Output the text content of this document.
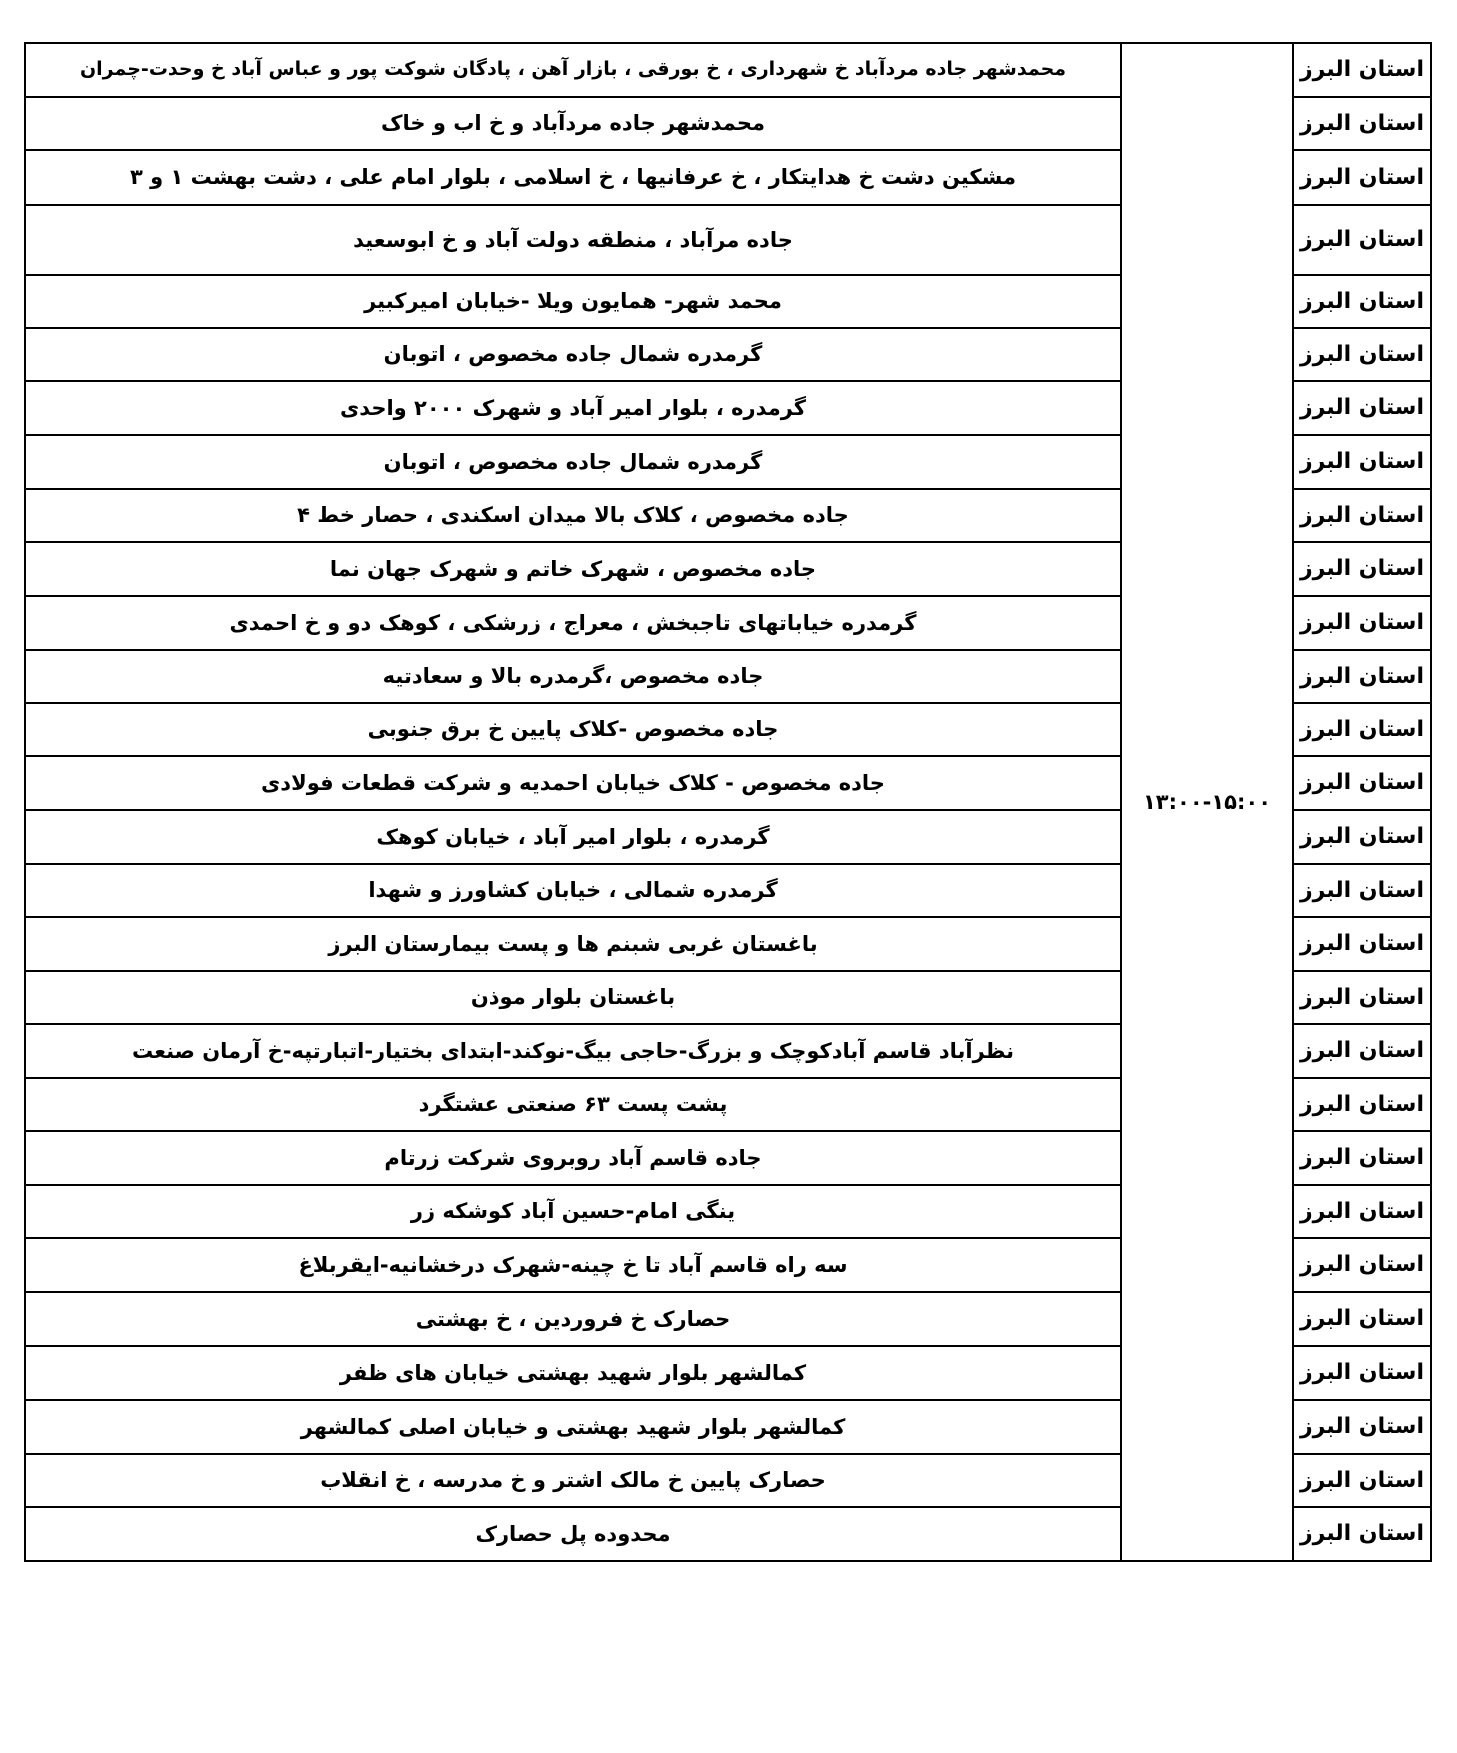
استان البرز	۱۳:۰۰-۱۵:۰۰	محمدشهر جاده مردآباد خ شهرداری ، خ بورقی ، بازار آهن ، پادگان شوکت پور و عباس آباد خ وحدت-چمران
استان البرز		محمدشهر جاده مردآباد و خ اب و خاک
استان البرز		مشکین دشت خ هدایتکار ، خ عرفانیها ، خ اسلامی ، بلوار امام علی ، دشت بهشت ۱ و ۳
استان البرز		جاده مرآباد ، منطقه دولت آباد و خ ابوسعید
استان البرز		محمد شهر- همایون ویلا -خیابان امیرکبیر
استان البرز		گرمدره شمال جاده مخصوص ، اتوبان
استان البرز		گرمدره ، بلوار امیر آباد و شهرک ۲۰۰۰ واحدی
استان البرز		گرمدره شمال جاده مخصوص ، اتوبان
استان البرز		جاده مخصوص ، کلاک بالا میدان اسکندی ، حصار خط ۴
استان البرز		جاده مخصوص ، شهرک خاتم و شهرک جهان نما
استان البرز		گرمدره خیاباتهای تاجبخش ، معراج ، زرشکی ، کوهک دو و خ احمدی
استان البرز		جاده مخصوص ،گرمدره بالا و سعادتیه
استان البرز		جاده مخصوص -کلاک پایین خ برق جنوبی
استان البرز		جاده مخصوص - کلاک خیابان احمدیه و شرکت قطعات فولادی
استان البرز		گرمدره ، بلوار امیر آباد ، خیابان کوهک
استان البرز		گرمدره شمالی ، خیابان کشاورز و شهدا
استان البرز		باغستان غربی شبنم ها و پست بیمارستان البرز
استان البرز		باغستان بلوار موذن
استان البرز		نظرآباد قاسم آبادکوچک و بزرگ-حاجی بیگ-نوکند-ابتدای بختیار-اتبارتپه-خ آرمان صنعت
استان البرز		پشت پست ۶۳ صنعتی عشتگرد
استان البرز		جاده قاسم آباد روبروی شرکت زرتام
استان البرز		ینگی امام-حسین آباد کوشکه زر
استان البرز		سه راه قاسم آباد تا خ چینه-شهرک درخشانیه-ایقربلاغ
استان البرز		حصارک خ فروردین ، خ بهشتی
استان البرز		کمالشهر بلوار شهید بهشتی خیابان های ظفر
استان البرز		کمالشهر بلوار شهید بهشتی و خیابان اصلی کمالشهر
استان البرز		حصارک پایین خ مالک اشتر و خ مدرسه ، خ انقلاب
استان البرز		محدوده پل حصارک
